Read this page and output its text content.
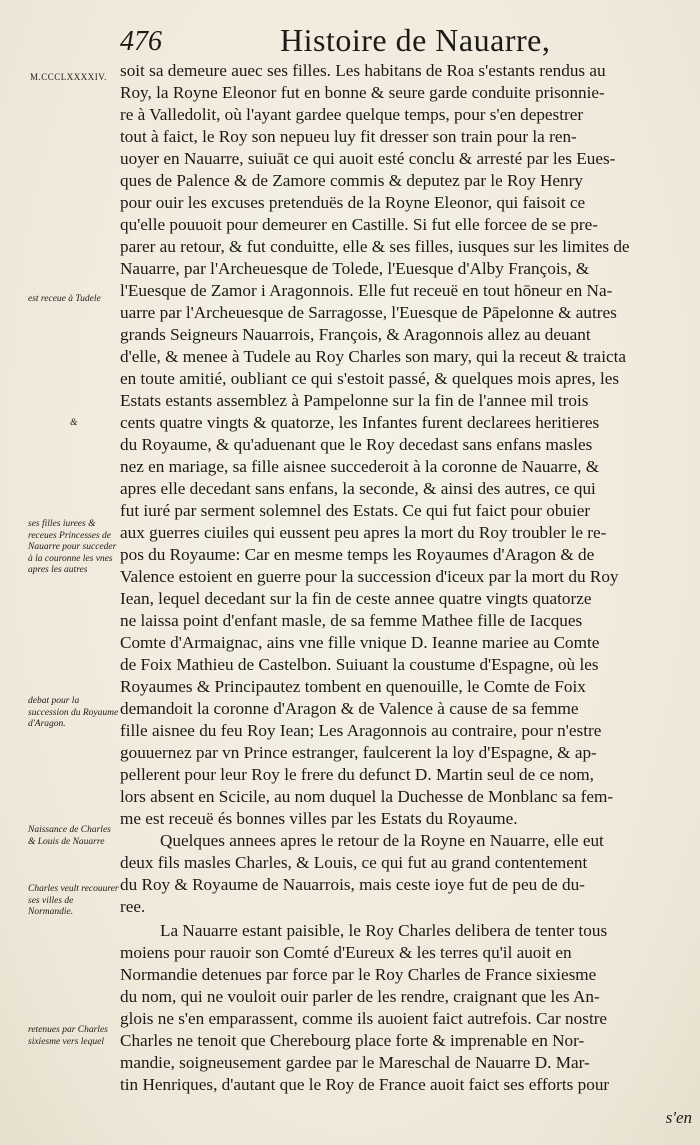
476	Histoire de Nauarre,
M.CCCLXXXXIV.
est receue à Tudele
&
ses filles iurees & receues Princesses de Nauarre pour succeder à la couronne les vnes apres les autres
debat pour la succession du Royaume d'Aragon.
Naissance de Charles & Louis de Nauarre
Charles veult recouurer ses villes de Normandie.
retenues par Charles sixiesme vers lequel
soit sa demeure auec ses filles. Les habitans de Roa s'estants rendus au
Roy, la Royne Eleonor fut en bonne & seure garde conduite prisonnie-
re à Valledolit, où l'ayant gardee quelque temps, pour s'en depestrer
tout à faict, le Roy son nepueu luy fit dresser son train pour la ren-
uoyer en Nauarre, suiuāt ce qui auoit esté conclu & arresté par les Eues-
ques de Palence & de Zamore commis & deputez par le Roy Henry
pour ouir les excuses pretenduës de la Royne Eleonor, qui faisoit ce
qu'elle pouuoit pour demeurer en Castille. Si fut elle forcee de se pre-
parer au retour, & fut conduitte, elle & ses filles, iusques sur les limites de
Nauarre, par l'Archeuesque de Tolede, l'Euesque d'Alby François, &
l'Euesque de Zamor i Aragonnois. Elle fut receuë en tout hōneur en Na-
uarre par l'Archeuesque de Sarragosse, l'Euesque de Pāpelonne & autres
grands Seigneurs Nauarrois, François, & Aragonnois allez au deuant
d'elle, & menee à Tudele au Roy Charles son mary, qui la receut & traicta
en toute amitié, oubliant ce qui s'estoit passé, & quelques mois apres, les
Estats estants assemblez à Pampelonne sur la fin de l'annee mil trois
cents quatre vingts & quatorze, les Infantes furent declarees heritieres
du Royaume, & qu'aduenant que le Roy decedast sans enfans masles
nez en mariage, sa fille aisnee succederoit à la coronne de Nauarre, &
apres elle decedant sans enfans, la seconde, & ainsi des autres, ce qui
fut iuré par serment solemnel des Estats. Ce qui fut faict pour obuier
aux guerres ciuiles qui eussent peu apres la mort du Roy troubler le re-
pos du Royaume: Car en mesme temps les Royaumes d'Aragon & de
Valence estoient en guerre pour la succession d'iceux par la mort du Roy
Iean, lequel decedant sur la fin de ceste annee quatre vingts quatorze
ne laissa point d'enfant masle, de sa femme Mathee fille de Iacques
Comte d'Armaignac, ains vne fille vnique D. Ieanne mariee au Comte
de Foix Mathieu de Castelbon. Suiuant la coustume d'Espagne, où les
Royaumes & Principautez tombent en quenouille, le Comte de Foix
demandoit la coronne d'Aragon & de Valence à cause de sa femme
fille aisnee du feu Roy Iean; Les Aragonnois au contraire, pour n'estre
gouuernez par vn Prince estranger, faulcerent la loy d'Espagne, & ap-
pellerent pour leur Roy le frere du defunct D. Martin seul de ce nom,
lors absent en Scicile, au nom duquel la Duchesse de Monblanc sa fem-
me est receuë és bonnes villes par les Estats du Royaume.
Quelques annees apres le retour de la Royne en Nauarre, elle eut
deux fils masles Charles, & Louis, ce qui fut au grand contentement
du Roy & Royaume de Nauarrois, mais ceste ioye fut de peu de du-
ree.
La Nauarre estant paisible, le Roy Charles delibera de tenter tous
moiens pour rauoir son Comté d'Eureux & les terres qu'il auoit en
Normandie detenues par force par le Roy Charles de France sixiesme
du nom, qui ne vouloit ouir parler de les rendre, craignant que les An-
glois ne s'en emparassent, comme ils auoient faict autrefois. Car nostre
Charles ne tenoit que Cherebourg place forte & imprenable en Nor-
mandie, soigneusement gardee par le Mareschal de Nauarre D. Mar-
tin Henriques, d'autant que le Roy de France auoit faict ses efforts pour
s'en
